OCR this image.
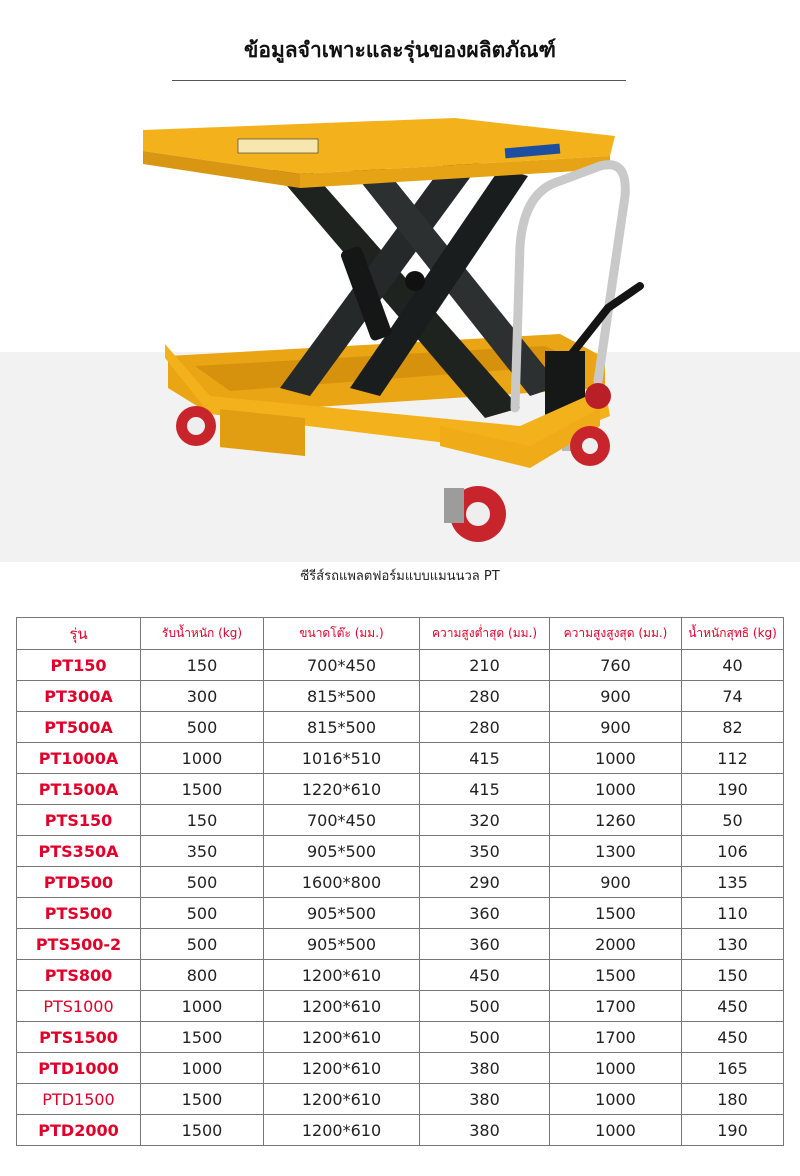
ข้อมูลจำเพาะและรุ่นของผลิตภัณฑ์
ซีรีส์รถแพลตฟอร์มแบบแมนนวล PT
รุ่น	รับน้ำหนัก (kg)	ขนาดโต๊ะ (มม.)	ความสูงต่ำสุด (มม.)	ความสูงสูงสุด (มม.)	น้ำหนักสุทธิ (kg)
PT150	150	700*450	210	760	40
PT300A	300	815*500	280	900	74
PT500A	500	815*500	280	900	82
PT1000A	1000	1016*510	415	1000	112
PT1500A	1500	1220*610	415	1000	190
PTS150	150	700*450	320	1260	50
PTS350A	350	905*500	350	1300	106
PTD500	500	1600*800	290	900	135
PTS500	500	905*500	360	1500	110
PTS500-2	500	905*500	360	2000	130
PTS800	800	1200*610	450	1500	150
PTS1000	1000	1200*610	500	1700	450
PTS1500	1500	1200*610	500	1700	450
PTD1000	1000	1200*610	380	1000	165
PTD1500	1500	1200*610	380	1000	180
PTD2000	1500	1200*610	380	1000	190
